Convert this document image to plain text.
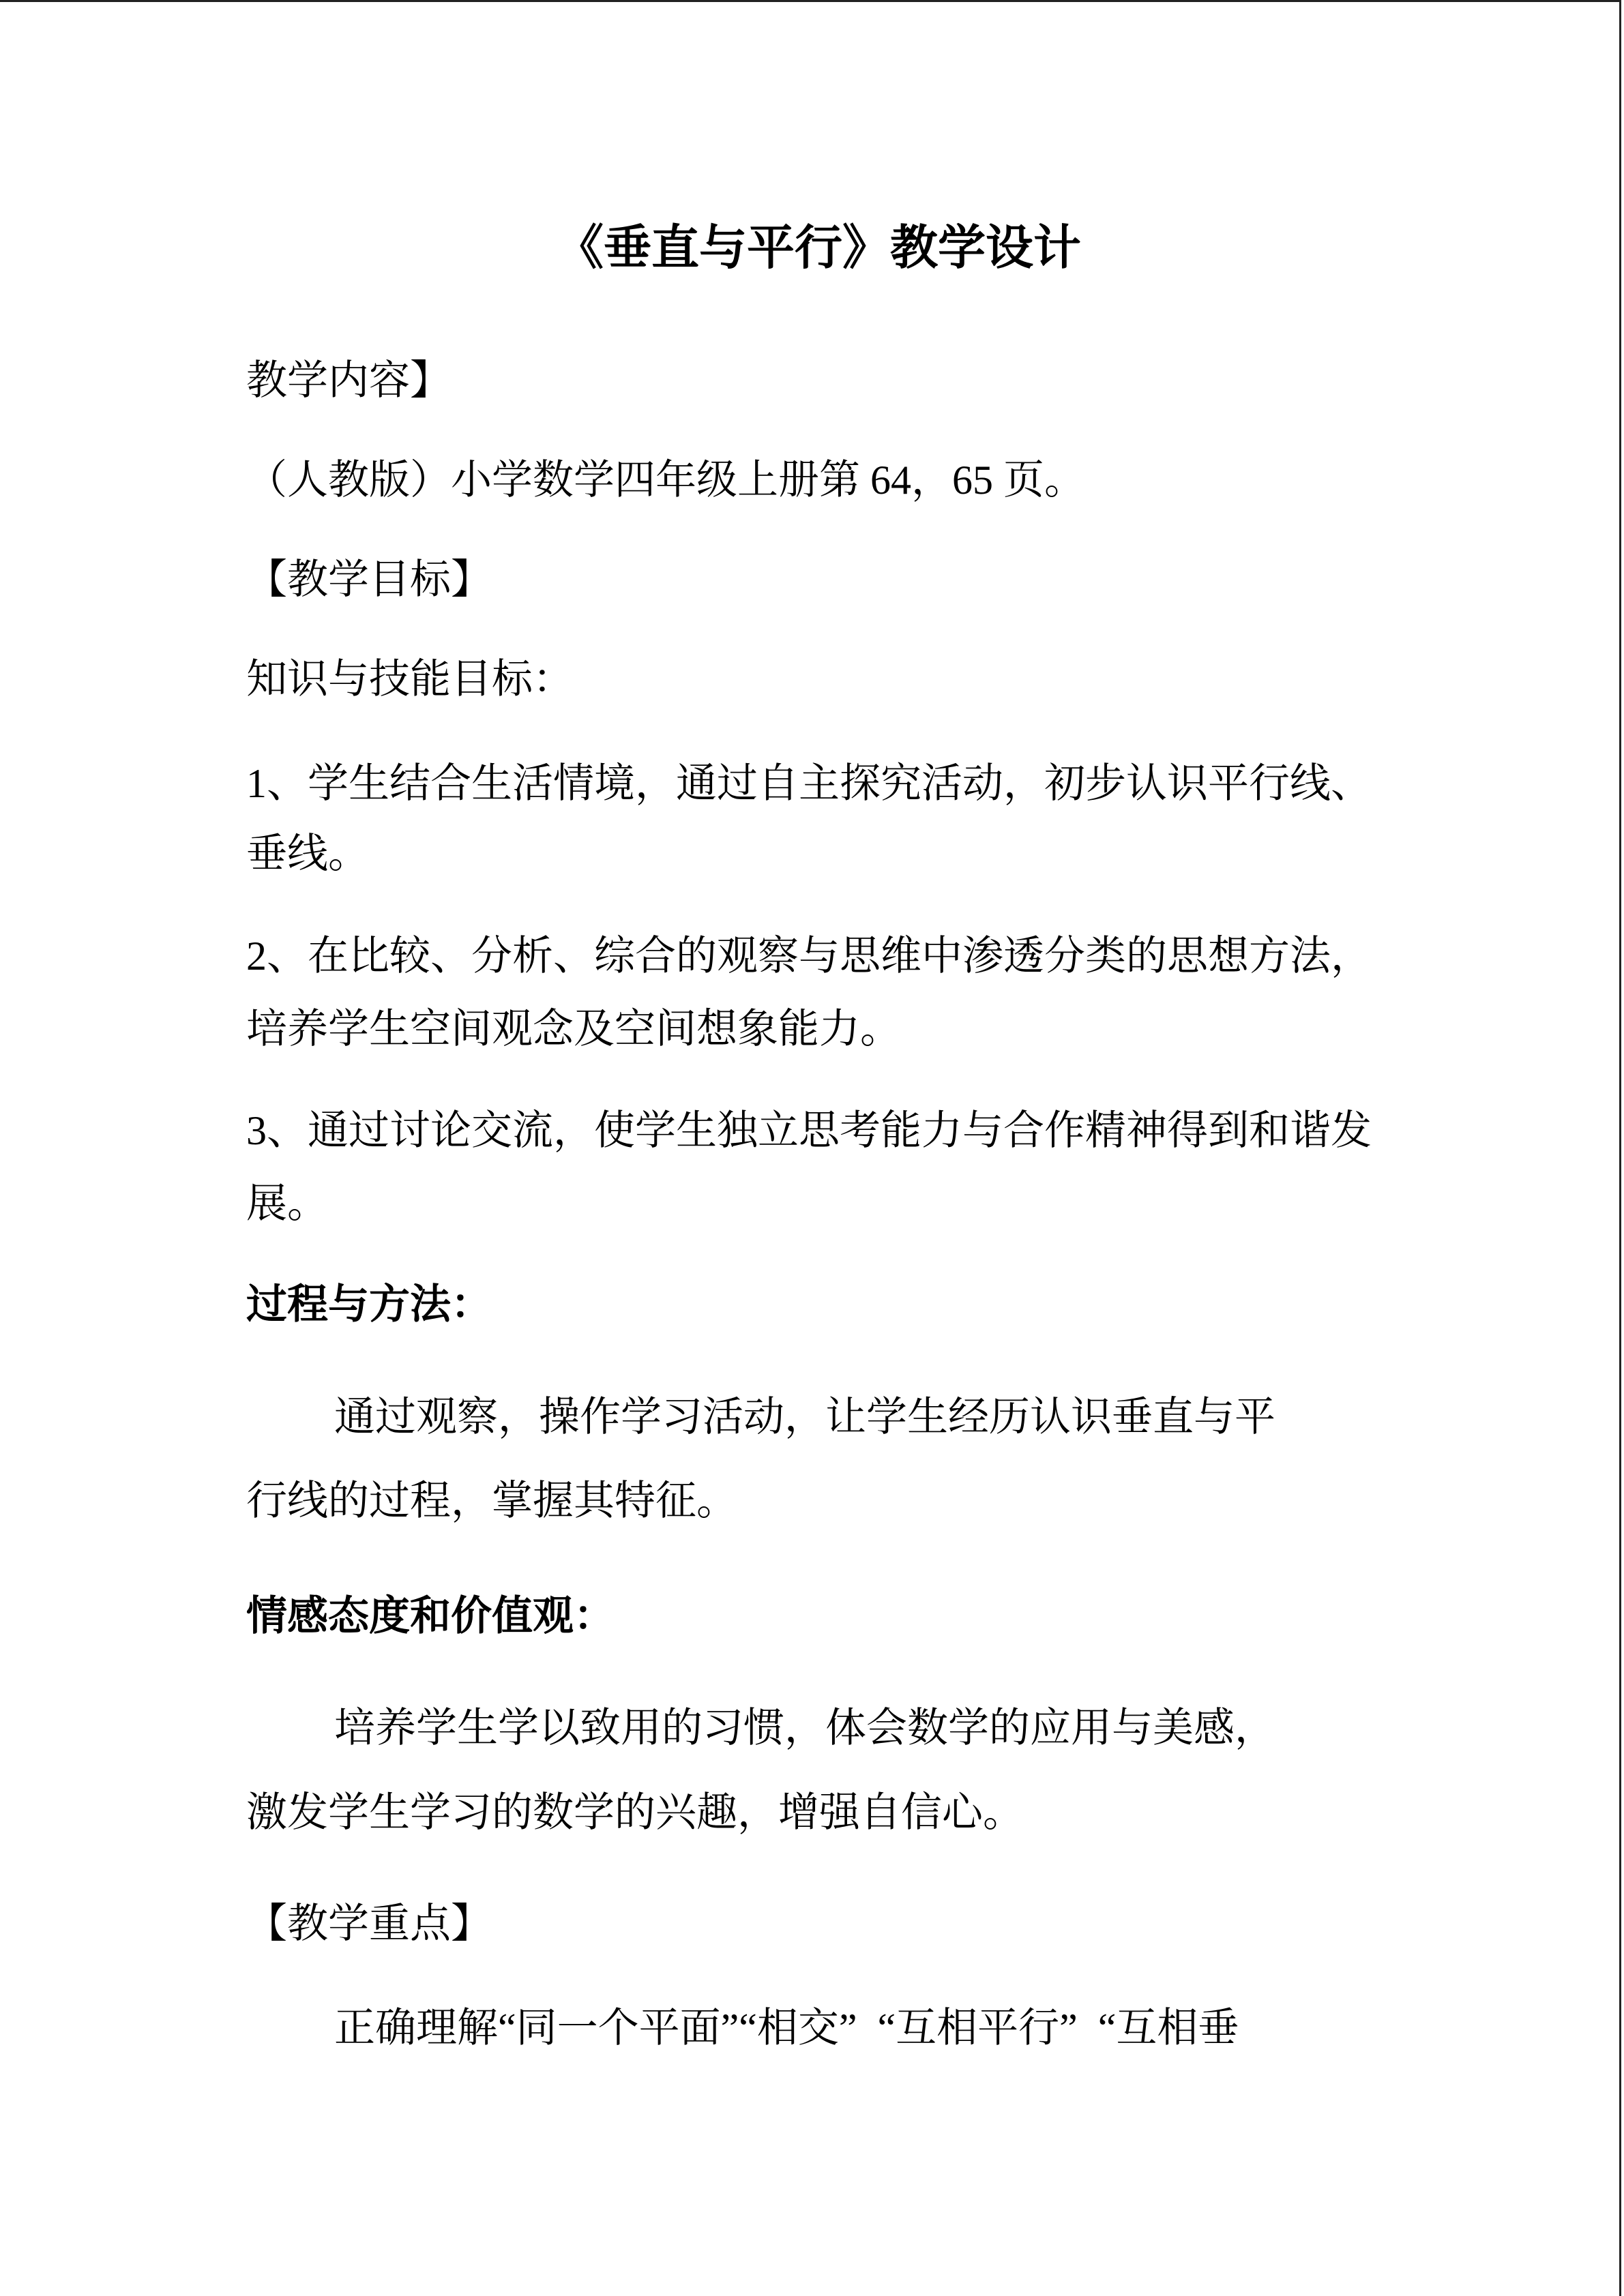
《垂直与平行》教学设计
教学内容】
（人教版）小学数学四年级上册第 64，65 页。
【教学目标】
知识与技能目标：
1、学生结合生活情境，通过自主探究活动，初步认识平行线、
垂线。
2、在比较、分析、综合的观察与思维中渗透分类的思想方法，
培养学生空间观念及空间想象能力。
3、通过讨论交流，使学生独立思考能力与合作精神得到和谐发
展。
过程与方法：
通过观察，操作学习活动，让学生经历认识垂直与平
行线的过程，掌握其特征。
情感态度和价值观：
培养学生学以致用的习惯，体会数学的应用与美感，
激发学生学习的数学的兴趣，增强自信心。
【教学重点】
正确理解“同一个平面”“相交”  “互相平行”  “互相垂
